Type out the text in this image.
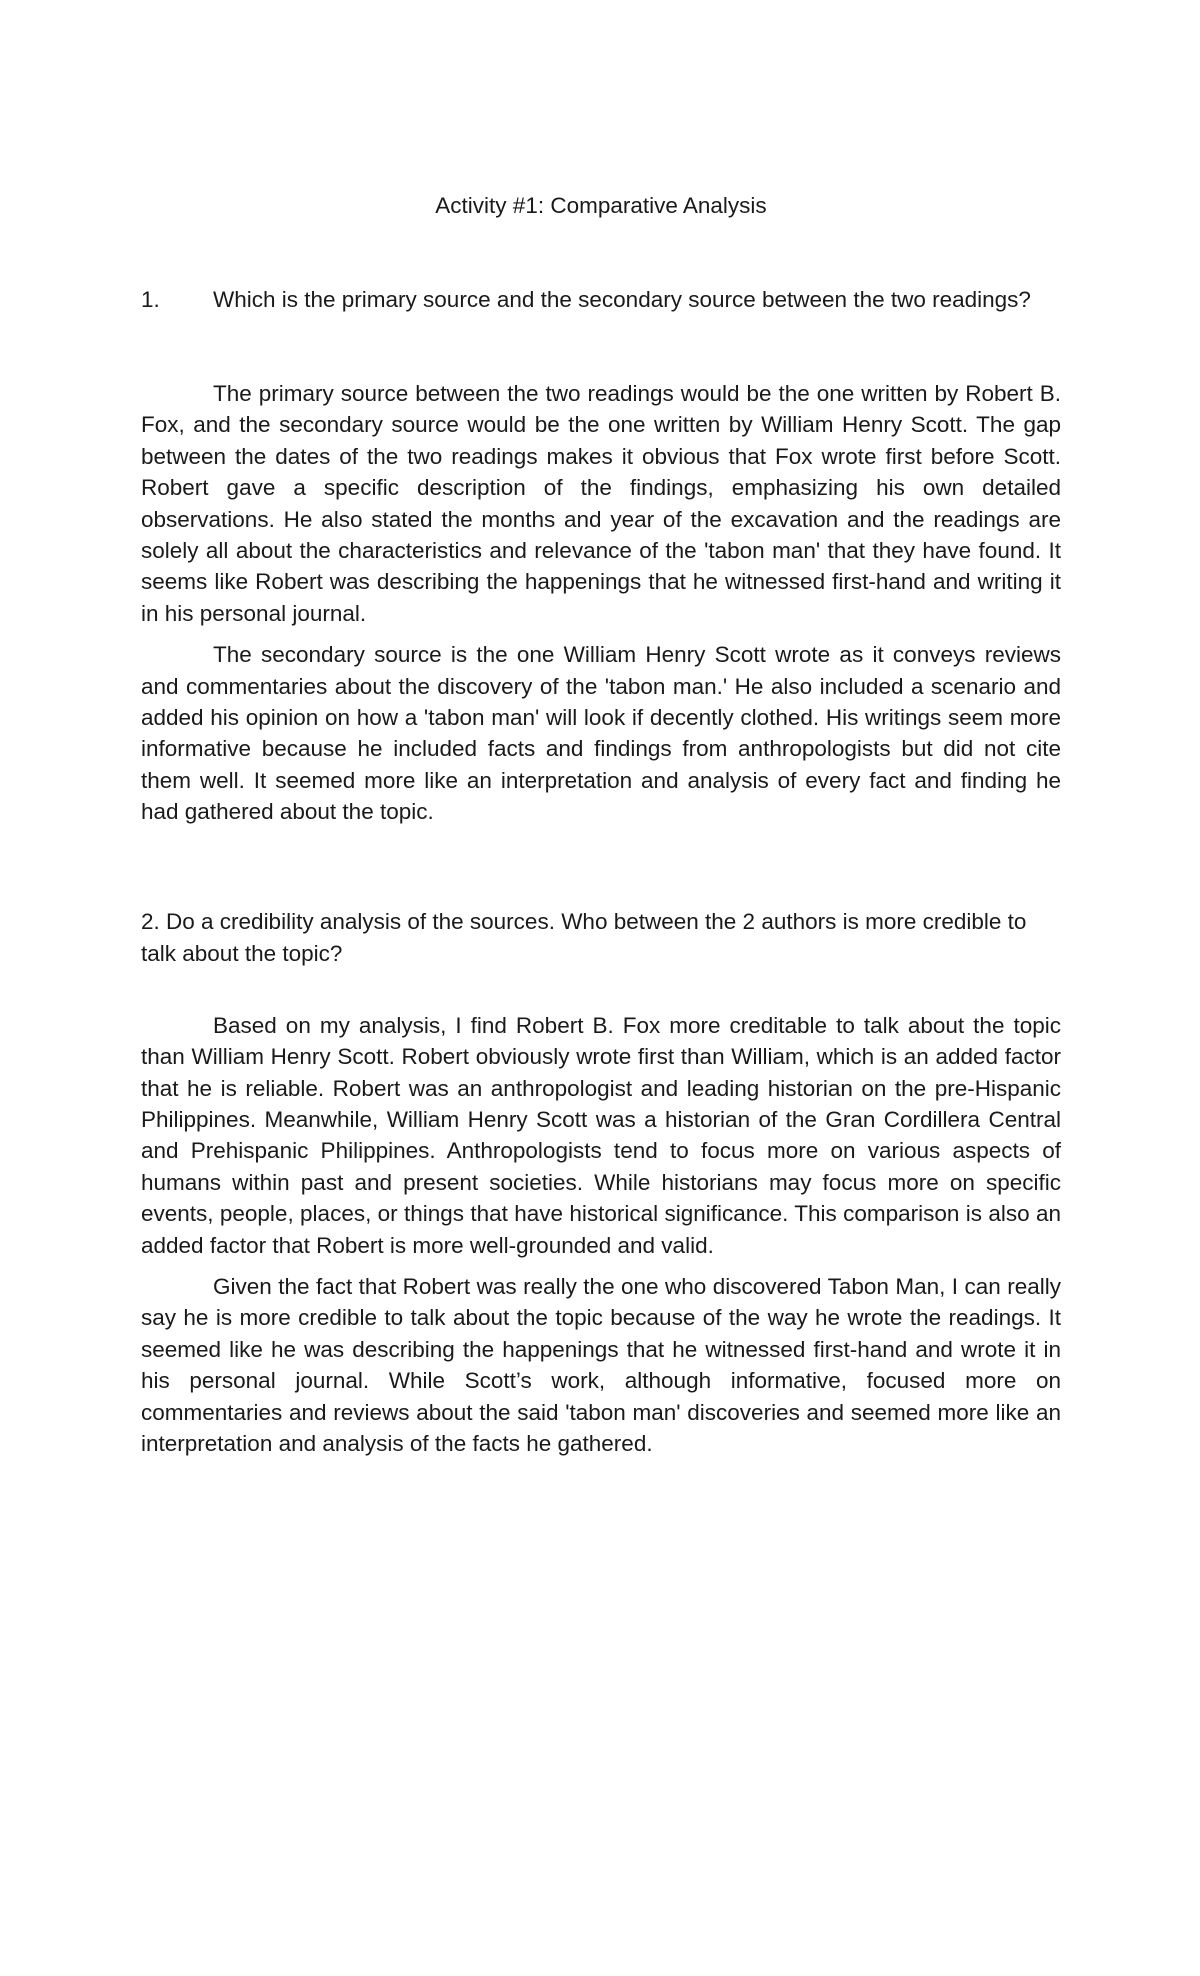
Activity #1: Comparative Analysis
1. Which is the primary source and the secondary source between the two readings?

The primary source between the two readings would be the one written by Robert B. Fox, and the secondary source would be the one written by William Henry Scott. The gap between the dates of the two readings makes it obvious that Fox wrote first before Scott. Robert gave a specific description of the findings, emphasizing his own detailed observations. He also stated the months and year of the excavation and the readings are solely all about the characteristics and relevance of the 'tabon man' that they have found. It seems like Robert was describing the happenings that he witnessed first-hand and writing it in his personal journal.

The secondary source is the one William Henry Scott wrote as it conveys reviews and commentaries about the discovery of the 'tabon man.' He also included a scenario and added his opinion on how a 'tabon man' will look if decently clothed. His writings seem more informative because he included facts and findings from anthropologists but did not cite them well. It seemed more like an interpretation and analysis of every fact and finding he had gathered about the topic.

2. Do a credibility analysis of the sources. Who between the 2 authors is more credible to talk about the topic?

Based on my analysis, I find Robert B. Fox more creditable to talk about the topic than William Henry Scott. Robert obviously wrote first than William, which is an added factor that he is reliable. Robert was an anthropologist and leading historian on the pre-Hispanic Philippines. Meanwhile, William Henry Scott was a historian of the Gran Cordillera Central and Prehispanic Philippines. Anthropologists tend to focus more on various aspects of humans within past and present societies. While historians may focus more on specific events, people, places, or things that have historical significance. This comparison is also an added factor that Robert is more well-grounded and valid.

Given the fact that Robert was really the one who discovered Tabon Man, I can really say he is more credible to talk about the topic because of the way he wrote the readings. It seemed like he was describing the happenings that he witnessed first-hand and wrote it in his personal journal. While Scott’s work, although informative, focused more on commentaries and reviews about the said 'tabon man' discoveries and seemed more like an interpretation and analysis of the facts he gathered.
